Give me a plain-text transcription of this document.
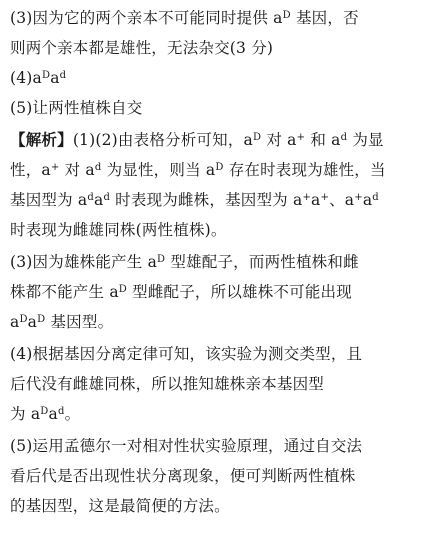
(3)因为它的两个亲本不可能同时提供 $a^D$ 基因，否
则两个亲本都是雄性，无法杂交(3 分)
$(4)a^Da^d$
(5)让两性植株自交
【解析】(1)(2)由表格分析可知，$a^D$ 对 a+ 和 $a^d$ 为显
性，a+ 对 $a^d$ 为显性，则当 $a^D$ 存在时表现为雄性，当
基因型为 $a^da^d$ 时表现为雌株，基因型为 a+a+、$a^+a^d$
时表现为雌雄同株(两性植株)。
(3)因为雄株能产生 $a^D$ 型雄配子，而两性植株和雌
株都不能产生 $a^D$ 型雌配子，所以雄株不可能出现
$a^Da^D$ 基因型。
(4)根据基因分离定律可知，该实验为测交类型，且
后代没有雌雄同株，所以推知雄株亲本基因型
为 $a^Da^d$。
(5)运用孟德尔一对相对性状实验原理，通过自交法
看后代是否出现性状分离现象，便可判断两性植株
的基因型，这是最简便的方法。
